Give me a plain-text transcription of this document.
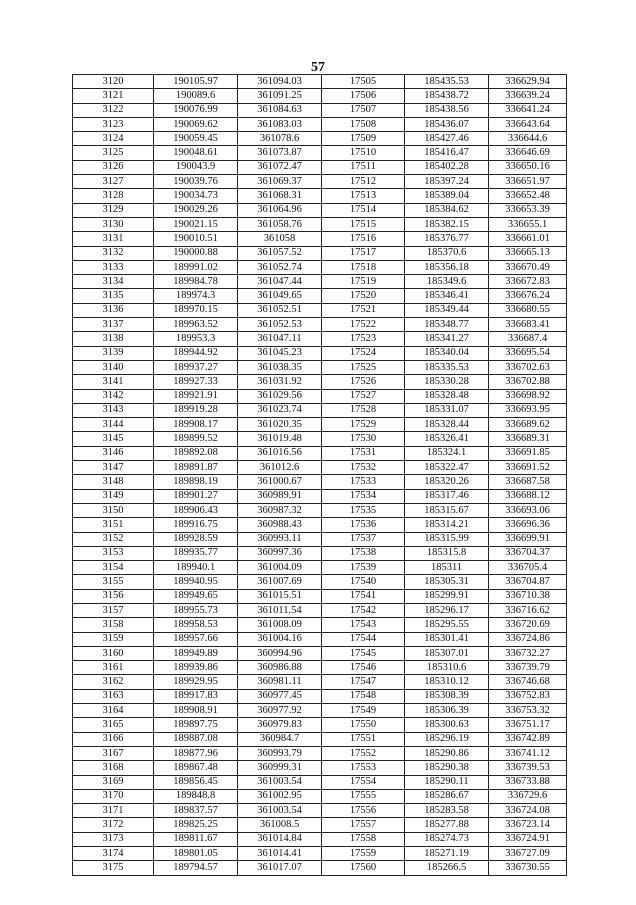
57
3120	190105.97	361094.03	17505	185435.53	336629.94
3121	190089.6	361091.25	17506	185438.72	336639.24
3122	190076.99	361084.63	17507	185438.56	336641.24
3123	190069.62	361083.03	17508	185436.07	336643.64
3124	190059.45	361078.6	17509	185427.46	336644.6
3125	190048.61	361073.87	17510	185416.47	336646.69
3126	190043.9	361072.47	17511	185402.28	336650.16
3127	190039.76	361069.37	17512	185397.24	336651.97
3128	190034.73	361068.31	17513	185389.04	336652.48
3129	190029.26	361064.96	17514	185384.62	336653.39
3130	190021.15	361058.76	17515	185382.15	336655.1
3131	190010.51	361058	17516	185376.77	336661.01
3132	190000.88	361057.52	17517	185370.6	336665.13
3133	189991.02	361052.74	17518	185356.18	336670.49
3134	189984.78	361047.44	17519	185349.6	336672.83
3135	189974.3	361049.65	17520	185346.41	336676.24
3136	189970.15	361052.51	17521	185349.44	336680.55
3137	189963.52	361052.53	17522	185348.77	336683.41
3138	189953.3	361047.11	17523	185341.27	336687.4
3139	189944.92	361045.23	17524	185340.04	336695.54
3140	189937.27	361038.35	17525	185335.53	336702.63
3141	189927.33	361031.92	17526	185330.28	336702.88
3142	189921.91	361029.56	17527	185328.48	336698.92
3143	189919.28	361023.74	17528	185331.07	336693.95
3144	189908.17	361020.35	17529	185328.44	336689.62
3145	189899.52	361019.48	17530	185326.41	336689.31
3146	189892.08	361016.56	17531	185324.1	336691.85
3147	189891.87	361012.6	17532	185322.47	336691.52
3148	189898.19	361000.67	17533	185320.26	336687.58
3149	189901.27	360989.91	17534	185317.46	336688.12
3150	189906.43	360987.32	17535	185315.67	336693.06
3151	189916.75	360988.43	17536	185314.21	336696.36
3152	189928.59	360993.11	17537	185315.99	336699.91
3153	189935.77	360997.36	17538	185315.8	336704.37
3154	189940.1	361004.09	17539	185311	336705.4
3155	189940.95	361007.69	17540	185305.31	336704.87
3156	189949.65	361015.51	17541	185299.91	336710.38
3157	189955.73	361011.54	17542	185296.17	336716.62
3158	189958.53	361008.09	17543	185295.55	336720.69
3159	189957.66	361004.16	17544	185301.41	336724.86
3160	189949.89	360994.96	17545	185307.01	336732.27
3161	189939.86	360986.88	17546	185310.6	336739.79
3162	189929.95	360981.11	17547	185310.12	336746.68
3163	189917.83	360977.45	17548	185308.39	336752.83
3164	189908.91	360977.92	17549	185306.39	336753.32
3165	189897.75	360979.83	17550	185300.63	336751.17
3166	189887.08	360984.7	17551	185296.19	336742.89
3167	189877.96	360993.79	17552	185290.86	336741.12
3168	189867.48	360999.31	17553	185290.38	336739.53
3169	189856.45	361003.54	17554	185290.11	336733.88
3170	189848.8	361002.95	17555	185286.67	336729.6
3171	189837.57	361003.54	17556	185283.58	336724.08
3172	189825.25	361008.5	17557	185277.88	336723.14
3173	189811.67	361014.84	17558	185274.73	336724.91
3174	189801.05	361014.41	17559	185271.19	336727.09
3175	189794.57	361017.07	17560	185266.5	336730.55
